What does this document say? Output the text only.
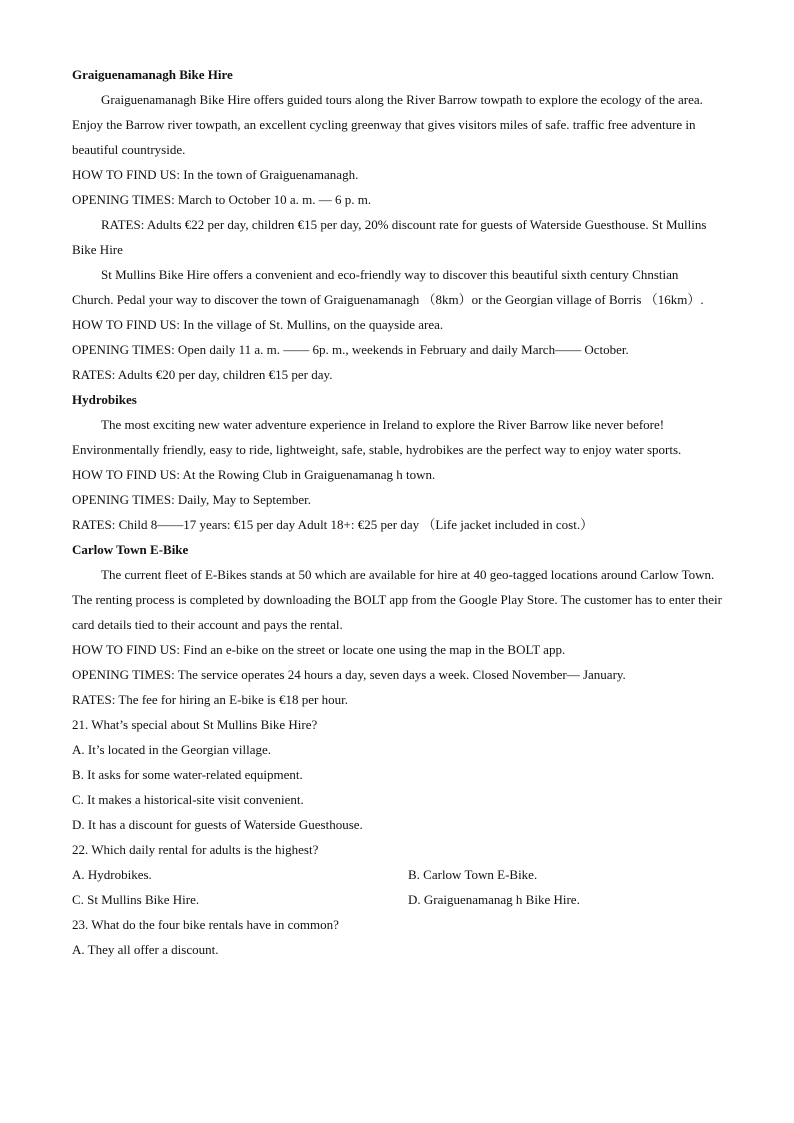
Graiguenamanagh Bike Hire
Graiguenamanagh Bike Hire offers guided tours along the River Barrow towpath to explore the ecology of the area. Enjoy the Barrow river towpath, an excellent cycling greenway that gives visitors miles of safe. traffic free adventure in beautiful countryside.
HOW TO FIND US: In the town of Graiguenamanagh.
OPENING TIMES: March to October 10 a. m. — 6 p. m.
RATES: Adults €22 per day, children €15 per day, 20% discount rate for guests of Waterside Guesthouse. St Mullins Bike Hire
St Mullins Bike Hire offers a convenient and eco-friendly way to discover this beautiful sixth century Chnstian Church. Pedal your way to discover the town of Graiguenamanagh （8km）or the Georgian village of Borris （16km）.
HOW TO FIND US: In the village of St. Mullins, on the quayside area.
OPENING TIMES: Open daily 11 a. m. —— 6p. m., weekends in February and daily March—— October.
RATES: Adults €20 per day, children €15 per day.
Hydrobikes
The most exciting new water adventure experience in Ireland to explore the River Barrow like never before! Environmentally friendly, easy to ride, lightweight, safe, stable, hydrobikes are the perfect way to enjoy water sports.
HOW TO FIND US: At the Rowing Club in Graiguenamanag h town.
OPENING TIMES: Daily, May to September.
RATES: Child 8——17 years: €15 per day Adult 18+: €25 per day （Life jacket included in cost.）
Carlow Town E-Bike
The current fleet of E-Bikes stands at 50 which are available for hire at 40 geo-tagged locations around Carlow Town. The renting process is completed by downloading the BOLT app from the Google Play Store. The customer has to enter their card details tied to their account and pays the rental.
HOW TO FIND US: Find an e-bike on the street or locate one using the map in the BOLT app.
OPENING TIMES: The service operates 24 hours a day, seven days a week. Closed November— January.
RATES: The fee for hiring an E-bike is €18 per hour.
21. What’s special about St Mullins Bike Hire?
A. It’s located in the Georgian village.
B. It asks for some water-related equipment.
C. It makes a historical-site visit convenient.
D. It has a discount for guests of Waterside Guesthouse.
22. Which daily rental for adults is the highest?
A. Hydrobikes.	B. Carlow Town E-Bike.
C. St Mullins Bike Hire.	D. Graiguenamanag h Bike Hire.
23. What do the four bike rentals have in common?
A. They all offer a discount.
